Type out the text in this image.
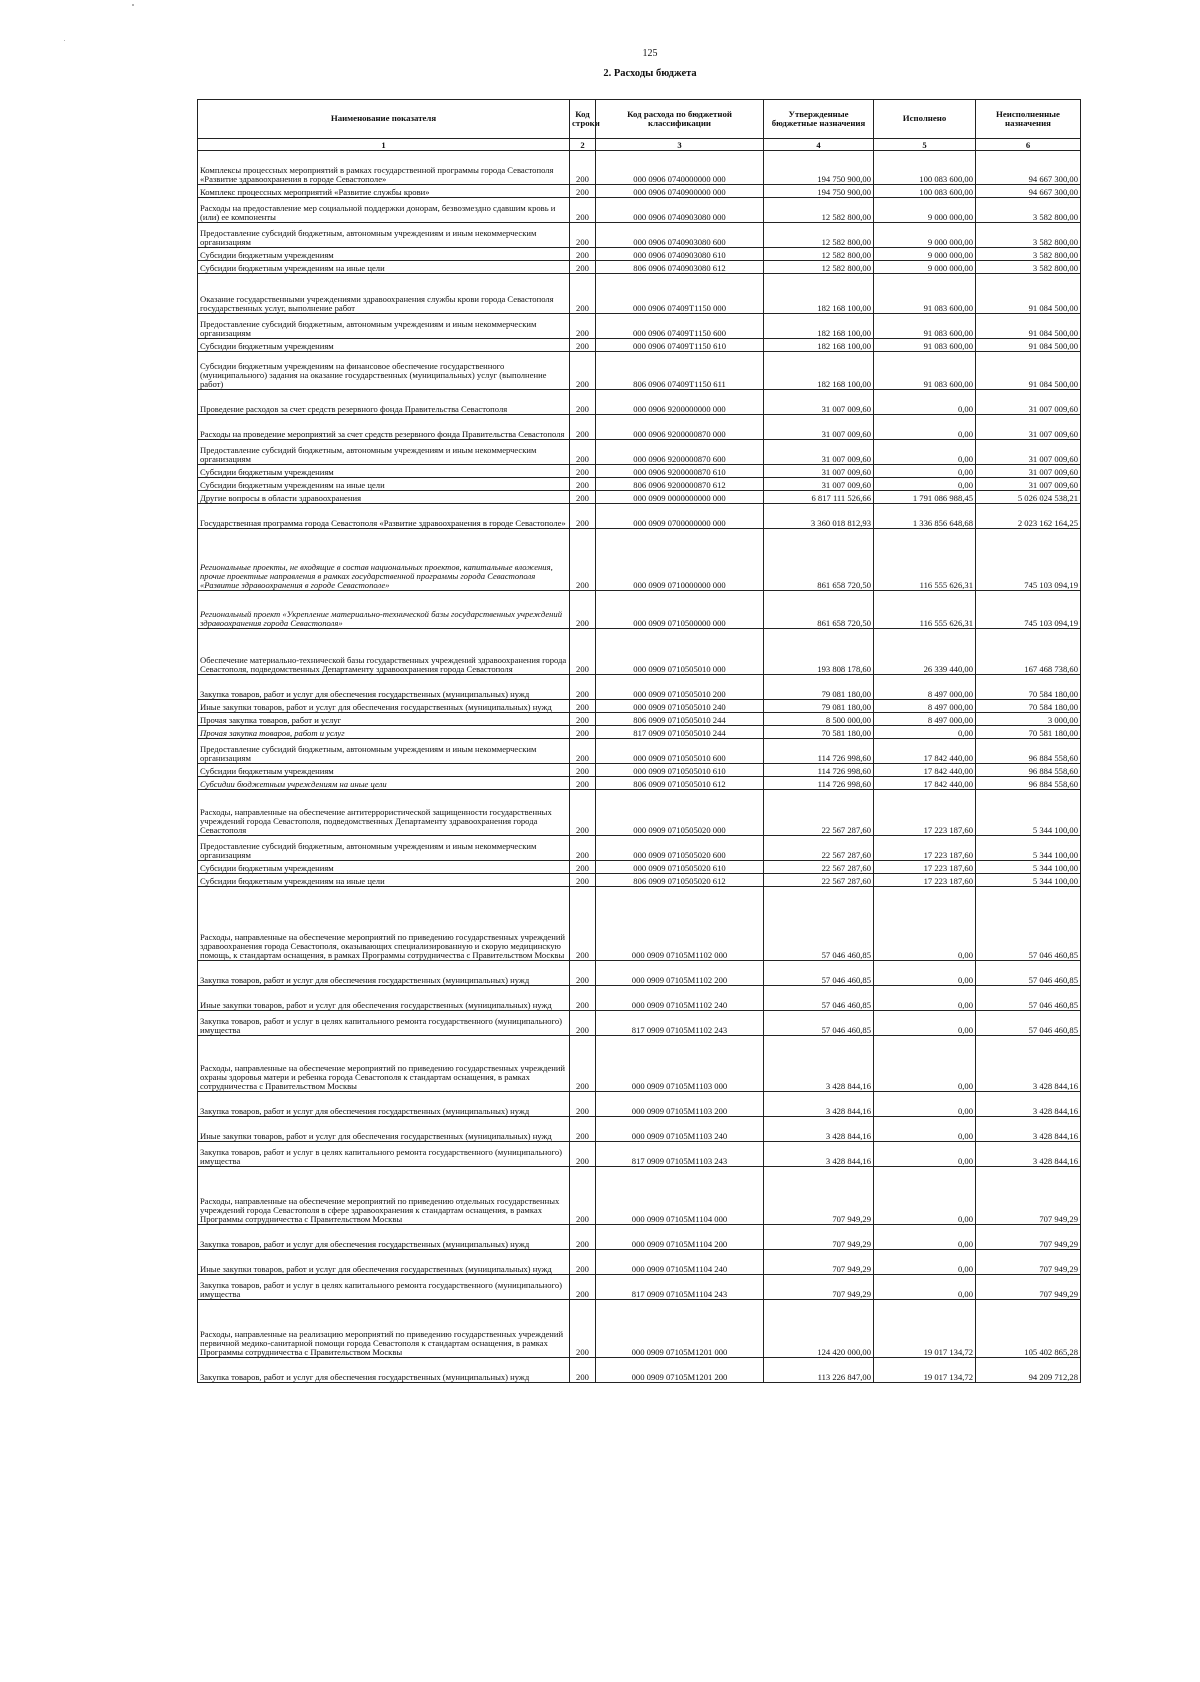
125
2. Расходы бюджета
Наименование показателя	Код строки	Код расхода по бюджетной классификации	Утвержденные бюджетные назначения	Исполнено	Неисполненные назначения
1	2	3	4	5	6
Комплексы процессных мероприятий в рамках государственной программы города Севастополя «Развитие здравоохранения в городе Севастополе»	200	000 0906 0740000000 000	194 750 900,00	100 083 600,00	94 667 300,00
Комплекс процессных мероприятий «Развитие службы крови»	200	000 0906 0740900000 000	194 750 900,00	100 083 600,00	94 667 300,00
Расходы на предоставление мер социальной поддержки донорам, безвозмездно сдавшим кровь и (или) ее компоненты	200	000 0906 0740903080 000	12 582 800,00	9 000 000,00	3 582 800,00
Предоставление субсидий бюджетным, автономным учреждениям и иным некоммерческим организациям	200	000 0906 0740903080 600	12 582 800,00	9 000 000,00	3 582 800,00
Субсидии бюджетным учреждениям	200	000 0906 0740903080 610	12 582 800,00	9 000 000,00	3 582 800,00
Субсидии бюджетным учреждениям на иные цели	200	806 0906 0740903080 612	12 582 800,00	9 000 000,00	3 582 800,00
Оказание государственными учреждениями здравоохранения службы крови города Севастополя государственных услуг, выполнение работ	200	000 0906 07409Т1150 000	182 168 100,00	91 083 600,00	91 084 500,00
Предоставление субсидий бюджетным, автономным учреждениям и иным некоммерческим организациям	200	000 0906 07409Т1150 600	182 168 100,00	91 083 600,00	91 084 500,00
Субсидии бюджетным учреждениям	200	000 0906 07409Т1150 610	182 168 100,00	91 083 600,00	91 084 500,00
Субсидии бюджетным учреждениям на финансовое обеспечение государственного (муниципального) задания на оказание государственных (муниципальных) услуг (выполнение работ)	200	806 0906 07409Т1150 611	182 168 100,00	91 083 600,00	91 084 500,00
Проведение расходов за счет средств резервного фонда Правительства Севастополя	200	000 0906 9200000000 000	31 007 009,60	0,00	31 007 009,60
Расходы на проведение мероприятий за счет средств резервного фонда Правительства Севастополя	200	000 0906 9200000870 000	31 007 009,60	0,00	31 007 009,60
Предоставление субсидий бюджетным, автономным учреждениям и иным некоммерческим организациям	200	000 0906 9200000870 600	31 007 009,60	0,00	31 007 009,60
Субсидии бюджетным учреждениям	200	000 0906 9200000870 610	31 007 009,60	0,00	31 007 009,60
Субсидии бюджетным учреждениям на иные цели	200	806 0906 9200000870 612	31 007 009,60	0,00	31 007 009,60
Другие вопросы в области здравоохранения	200	000 0909 0000000000 000	6 817 111 526,66	1 791 086 988,45	5 026 024 538,21
Государственная программа города Севастополя «Развитие здравоохранения в городе Севастополе»	200	000 0909 0700000000 000	3 360 018 812,93	1 336 856 648,68	2 023 162 164,25
Региональные проекты, не входящие в состав национальных проектов, капитальные вложения, прочие проектные направления в рамках государственной программы города Севастополя «Развитие здравоохранения в городе Севастополе»	200	000 0909 0710000000 000	861 658 720,50	116 555 626,31	745 103 094,19
Региональный проект «Укрепление материально-технической базы государственных учреждений здравоохранения города Севастополя»	200	000 0909 0710500000 000	861 658 720,50	116 555 626,31	745 103 094,19
Обеспечение материально-технической базы государственных учреждений здравоохранения города Севастополя, подведомственных Департаменту здравоохранения города Севастополя	200	000 0909 0710505010 000	193 808 178,60	26 339 440,00	167 468 738,60
Закупка товаров, работ и услуг для обеспечения государственных (муниципальных) нужд	200	000 0909 0710505010 200	79 081 180,00	8 497 000,00	70 584 180,00
Иные закупки товаров, работ и услуг для обеспечения государственных (муниципальных) нужд	200	000 0909 0710505010 240	79 081 180,00	8 497 000,00	70 584 180,00
Прочая закупка товаров, работ и услуг	200	806 0909 0710505010 244	8 500 000,00	8 497 000,00	3 000,00
Прочая закупка товаров, работ и услуг	200	817 0909 0710505010 244	70 581 180,00	0,00	70 581 180,00
Предоставление субсидий бюджетным, автономным учреждениям и иным некоммерческим организациям	200	000 0909 0710505010 600	114 726 998,60	17 842 440,00	96 884 558,60
Субсидии бюджетным учреждениям	200	000 0909 0710505010 610	114 726 998,60	17 842 440,00	96 884 558,60
Субсидии бюджетным учреждениям на иные цели	200	806 0909 0710505010 612	114 726 998,60	17 842 440,00	96 884 558,60
Расходы, направленные на обеспечение антитеррористической защищенности государственных учреждений города Севастополя, подведомственных Департаменту здравоохранения города Севастополя	200	000 0909 0710505020 000	22 567 287,60	17 223 187,60	5 344 100,00
Предоставление субсидий бюджетным, автономным учреждениям и иным некоммерческим организациям	200	000 0909 0710505020 600	22 567 287,60	17 223 187,60	5 344 100,00
Субсидии бюджетным учреждениям	200	000 0909 0710505020 610	22 567 287,60	17 223 187,60	5 344 100,00
Субсидии бюджетным учреждениям на иные цели	200	806 0909 0710505020 612	22 567 287,60	17 223 187,60	5 344 100,00
Расходы, направленные на обеспечение мероприятий по приведению государственных учреждений здравоохранения города Севастополя, оказывающих специализированную и скорую медицинскую помощь, к стандартам оснащения, в рамках Программы сотрудничества с Правительством Москвы	200	000 0909 07105М1102 000	57 046 460,85	0,00	57 046 460,85
Закупка товаров, работ и услуг для обеспечения государственных (муниципальных) нужд	200	000 0909 07105М1102 200	57 046 460,85	0,00	57 046 460,85
Иные закупки товаров, работ и услуг для обеспечения государственных (муниципальных) нужд	200	000 0909 07105М1102 240	57 046 460,85	0,00	57 046 460,85
Закупка товаров, работ и услуг в целях капитального ремонта государственного (муниципального) имущества	200	817 0909 07105М1102 243	57 046 460,85	0,00	57 046 460,85
Расходы, направленные на обеспечение мероприятий по приведению государственных учреждений охраны здоровья матери и ребенка города Севастополя к стандартам оснащения, в рамках сотрудничества с Правительством Москвы	200	000 0909 07105М1103 000	3 428 844,16	0,00	3 428 844,16
Закупка товаров, работ и услуг для обеспечения государственных (муниципальных) нужд	200	000 0909 07105М1103 200	3 428 844,16	0,00	3 428 844,16
Иные закупки товаров, работ и услуг для обеспечения государственных (муниципальных) нужд	200	000 0909 07105М1103 240	3 428 844,16	0,00	3 428 844,16
Закупка товаров, работ и услуг в целях капитального ремонта государственного (муниципального) имущества	200	817 0909 07105М1103 243	3 428 844,16	0,00	3 428 844,16
Расходы, направленные на обеспечение мероприятий по приведению отдельных государственных учреждений города Севастополя в сфере здравоохранения к стандартам оснащения, в рамках Программы сотрудничества с Правительством Москвы	200	000 0909 07105М1104 000	707 949,29	0,00	707 949,29
Закупка товаров, работ и услуг для обеспечения государственных (муниципальных) нужд	200	000 0909 07105М1104 200	707 949,29	0,00	707 949,29
Иные закупки товаров, работ и услуг для обеспечения государственных (муниципальных) нужд	200	000 0909 07105М1104 240	707 949,29	0,00	707 949,29
Закупка товаров, работ и услуг в целях капитального ремонта государственного (муниципального) имущества	200	817 0909 07105М1104 243	707 949,29	0,00	707 949,29
Расходы, направленные на реализацию мероприятий по приведению государственных учреждений первичной медико-санитарной помощи города Севастополя к стандартам оснащения, в рамках Программы сотрудничества с Правительством Москвы	200	000 0909 07105М1201 000	124 420 000,00	19 017 134,72	105 402 865,28
Закупка товаров, работ и услуг для обеспечения государственных (муниципальных) нужд	200	000 0909 07105М1201 200	113 226 847,00	19 017 134,72	94 209 712,28
